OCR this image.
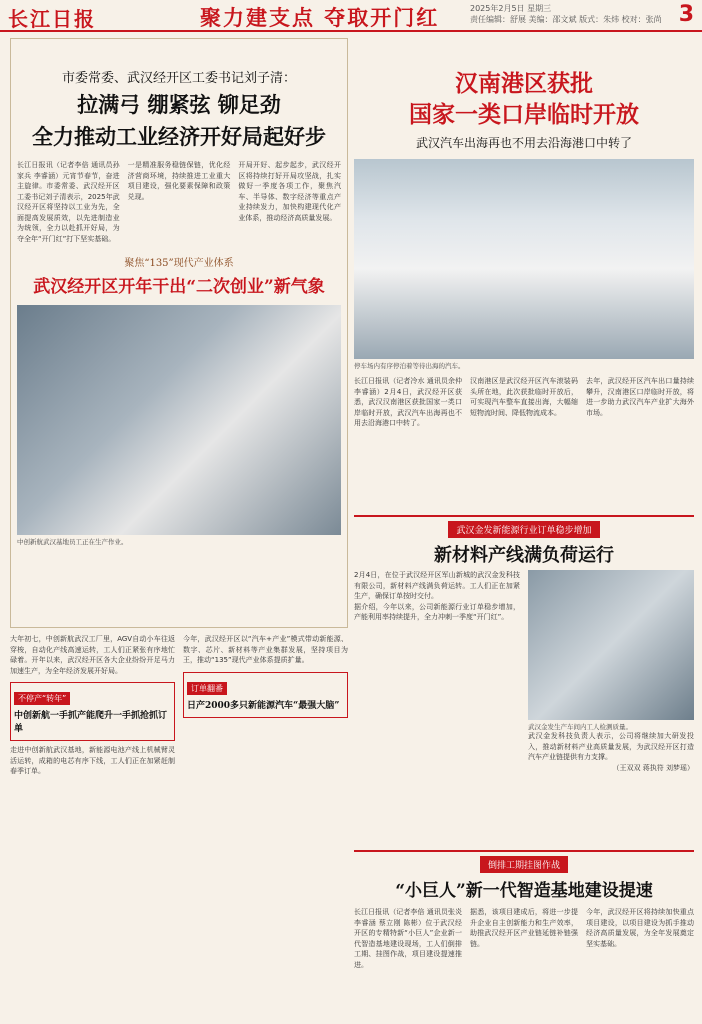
长江日报	聚力建支点 夺取开门红	2025年2月5日 星期三
责任编辑：舒展 美编：邵文斌 版式：朱炜 校对：张尚 3
市委常委、武汉经开区工委书记刘子清：
拉满弓 绷紧弦 铆足劲
全力推动工业经济开好局起好步

长江日报讯（记者李倍 通讯员孙家兵 李睿涵）元宵节春节，奋进主旋律。市委常委、武汉经开区工委书记刘子清表示，2025年武汉经开区将坚持以工业为先，全面提高发展质效，以先进制造业为统领，全力以赴抓开好局，为夺全年“开门红”打下坚实基础。

一是精准服务稳链保链，优化经济营商环境，持续推进工业重大项目建设，强化要素保障和政策兑现。

开局开好、起步起步，武汉经开区将持续打好开局攻坚战，扎实做好一季度各项工作，聚焦汽车、半导体、数字经济等重点产业持续发力，加快构建现代化产业体系，推动经济高质量发展。

聚焦“135”现代产业体系
武汉经开区开年干出“二次创业”新气象
中创新航武汉基地员工正在生产作业。

大年初七，中创新航武汉工厂里，AGV自动小车往返穿梭，自动化产线高速运转，工人们正紧张有序地忙碌着。开年以来，武汉经开区各大企业纷纷开足马力加速生产，为全年经济发展开好局。

不停产“转年”
中创新航一手抓产能爬升一手抓抢抓订单

走进中创新航武汉基地，新能源电池产线上机械臂灵活运转，成箱的电芯有序下线，工人们正在加紧赶制春季订单。

今年，武汉经开区以“汽车+产业”模式带动新能源、数字、芯片、新材料等产业集群发展，坚持项目为王，推动“135”现代产业体系提质扩量。

订单翻番
日产2000多只新能源汽车“最强大脑”
汉南港区获批
国家一类口岸临时开放
武汉汽车出海再也不用去沿海港口中转了
停车场内有序停泊着等待出海的汽车。

长江日报讯（记者冷水 通讯员余仲 李睿涵）2月4日，武汉经开区获悉，武汉汉南港区获批国家一类口岸临时开放，武汉汽车出海再也不用去沿海港口中转了。

汉南港区是武汉经开区汽车滚装码头所在地，此次获批临时开放后，可实现汽车整车直接出海，大幅缩短物流时间、降低物流成本。

去年，武汉经开区汽车出口量持续攀升，汉南港区口岸临时开放，将进一步助力武汉汽车产业扩大海外市场。

武汉金发新能源行业订单稳步增加
新材料产线满负荷运行

2月4日，在位于武汉经开区军山新城的武汉金发科技有限公司，新材料产线满负荷运转。工人们正在加紧生产，确保订单按时交付。

据介绍，今年以来，公司新能源行业订单稳步增加，产能利用率持续提升，全力冲刺一季度“开门红”。

武汉金发生产车间内工人检测质量。

武汉金发科技负责人表示，公司将继续加大研发投入，推动新材料产业高质量发展，为武汉经开区打造汽车产业链提供有力支撑。

（王双双 蒋执符 刘梦瑶）

倒排工期挂图作战
“小巨人”新一代智造基地建设提速

长江日报讯（记者李倍 通讯员张炎 李睿涵 蔡立刚 陈彬）位于武汉经开区的专精特新“小巨人”企业新一代智造基地建设现场，工人们倒排工期、挂图作战，项目建设提速推进。

据悉，该项目建成后，将进一步提升企业自主创新能力和生产效率，助推武汉经开区产业链延链补链强链。

今年，武汉经开区将持续加快重点项目建设，以项目建设为抓手推动经济高质量发展，为全年发展奠定坚实基础。
